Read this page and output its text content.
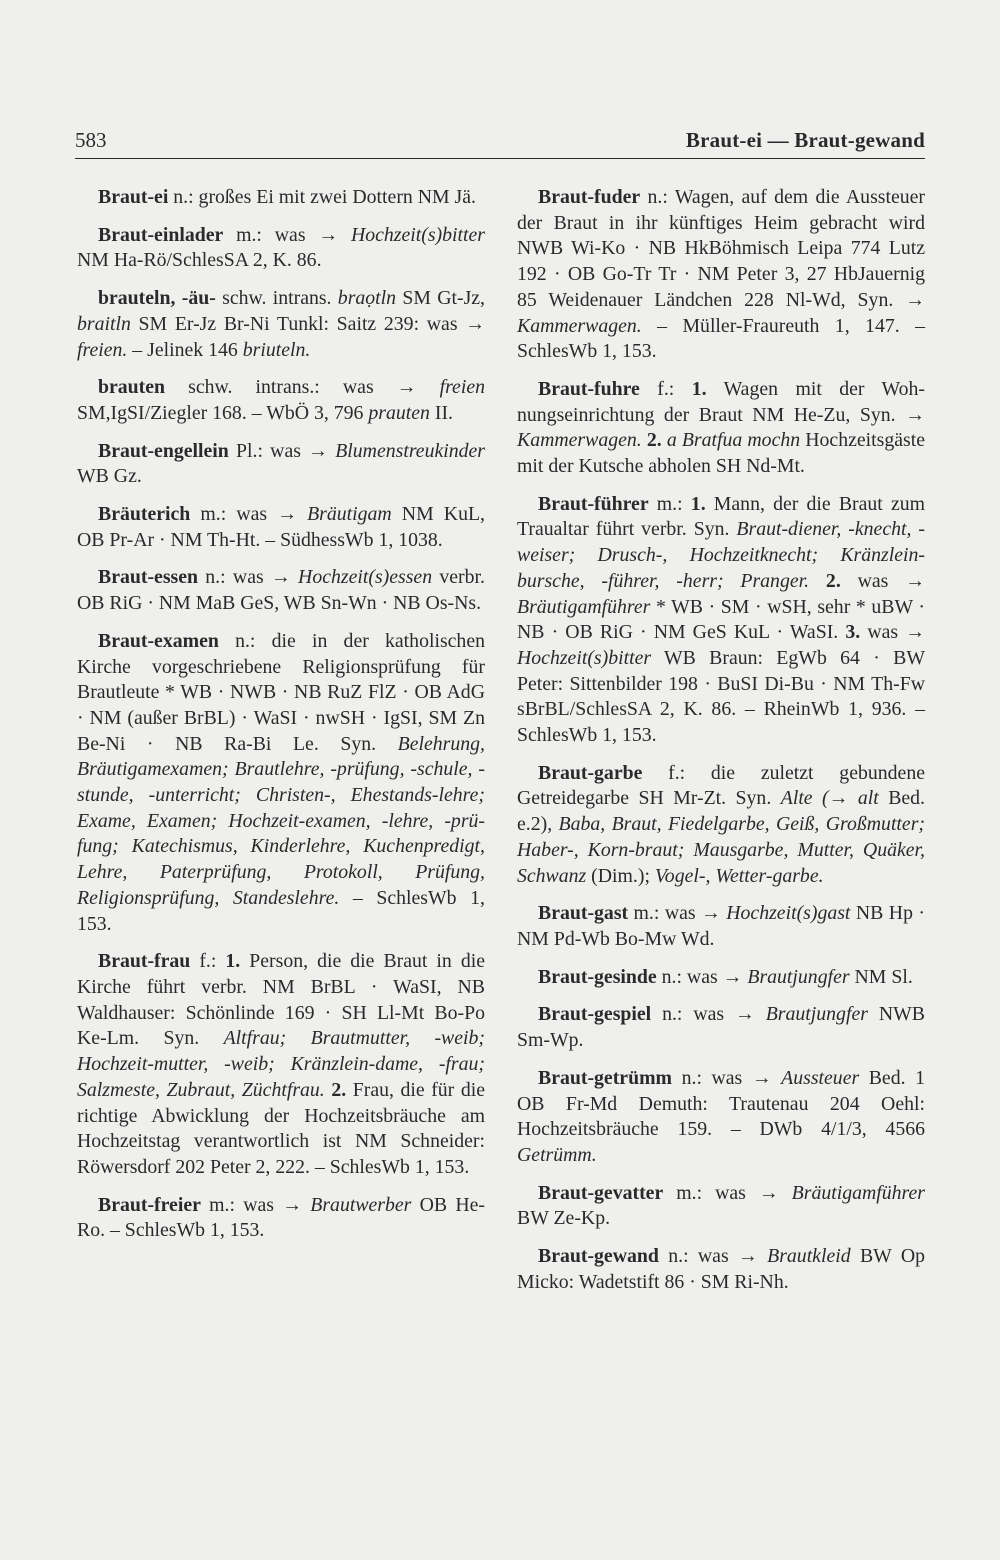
583	Braut-ei — Braut-gewand

Braut-ei n.: großes Ei mit zwei Dottern NM Jä.

Braut-einlader m.: was → Hochzeit(s)bitter NM Ha-Rö/SchlesSA 2, K. 86.

brauteln, -äu- schw. intrans. braọtln SM Gt-Jz, braitln SM Er-Jz Br-Ni Tunkl: Saitz 239: was → freien. – Jelinek 146 briuteln.

brauten schw. intrans.: was → freien SM,IgSI/Ziegler 168. – WbÖ 3, 796 prauten II.

Braut-engellein Pl.: was → Blumenstreukinder WB Gz.

Bräuterich m.: was → Bräutigam NM KuL, OB Pr-Ar · NM Th-Ht. – SüdhessWb 1, 1038.

Braut-essen n.: was → Hochzeit(s)essen verbr. OB RiG · NM MaB GeS, WB Sn-Wn · NB Os-Ns.

Braut-examen n.: die in der katholischen Kirche vorgeschriebene Religionsprüfung für Brautleute * WB · NWB · NB RuZ FlZ · OB AdG · NM (außer BrBL) · WaSI · nwSH · IgSI, SM Zn Be-Ni · NB Ra-Bi Le. Syn. Belehrung, Bräutigamexamen; Brautlehre, -prüfung, -schule, -stunde, -unterricht; Christen-, Ehestands-lehre; Exame, Examen; Hochzeit-examen, -lehre, -prüfung; Katechismus, Kinderlehre, Kuchenpredigt, Lehre, Paterprüfung, Protokoll, Prüfung, Religionsprüfung, Standeslehre. – SchlesWb 1, 153.

Braut-frau f.: 1. Person, die die Braut in die Kirche führt verbr. NM BrBL · WaSI, NB Waldhauser: Schönlinde 169 · SH Ll-Mt Bo-Po Ke-Lm. Syn. Altfrau; Brautmutter, -weib; Hochzeit-mutter, -weib; Kränzlein-dame, -frau; Salzmeste, Zubraut, Züchtfrau. 2. Frau, die für die richtige Abwicklung der Hochzeitsbräuche am Hochzeitstag verantwortlich ist NM Schneider: Röwersdorf 202 Peter 2, 222. – SchlesWb 1, 153.

Braut-freier m.: was → Brautwerber OB He-Ro. – SchlesWb 1, 153.

Braut-fuder n.: Wagen, auf dem die Aussteuer der Braut in ihr künftiges Heim gebracht wird NWB Wi-Ko · NB HkBöhmisch Leipa 774 Lutz 192 · OB Go-Tr Tr · NM Peter 3, 27 HbJauernig 85 Weidenauer Ländchen 228 Nl-Wd, Syn. → Kammerwagen. – Müller-Fraureuth 1, 147. – SchlesWb 1, 153.

Braut-fuhre f.: 1. Wagen mit der Wohnungseinrichtung der Braut NM He-Zu, Syn. → Kammerwagen. 2. a Bratfua mochn Hochzeitsgäste mit der Kutsche abholen SH Nd-Mt.

Braut-führer m.: 1. Mann, der die Braut zum Traualtar führt verbr. Syn. Braut-diener, -knecht, -weiser; Drusch-, Hochzeitknecht; Kränzlein-bursche, -führer, -herr; Pranger. 2. was → Bräutigamführer * WB · SM · wSH, sehr * uBW · NB · OB RiG · NM GeS KuL · WaSI. 3. was → Hochzeit(s)bitter WB Braun: EgWb 64 · BW Peter: Sittenbilder 198 · BuSI Di-Bu · NM Th-Fw sBrBL/SchlesSA 2, K. 86. – RheinWb 1, 936. – SchlesWb 1, 153.

Braut-garbe f.: die zuletzt gebundene Getreidegarbe SH Mr-Zt. Syn. Alte (→ alt Bed. e.2), Baba, Braut, Fiedelgarbe, Geiß, Großmutter; Haber-, Korn-braut; Mausgarbe, Mutter, Quäker, Schwanz (Dim.); Vogel-, Wetter-garbe.

Braut-gast m.: was → Hochzeit(s)gast NB Hp · NM Pd-Wb Bo-Mw Wd.

Braut-gesinde n.: was → Brautjungfer NM Sl.

Braut-gespiel n.: was → Brautjungfer NWB Sm-Wp.

Braut-getrümm n.: was → Aussteuer Bed. 1 OB Fr-Md Demuth: Trautenau 204 Oehl: Hochzeitsbräuche 159. – DWb 4/1/3, 4566 Getrümm.

Braut-gevatter m.: was → Bräutigamführer BW Ze-Kp.

Braut-gewand n.: was → Brautkleid BW Op Micko: Wadetstift 86 · SM Ri-Nh.
